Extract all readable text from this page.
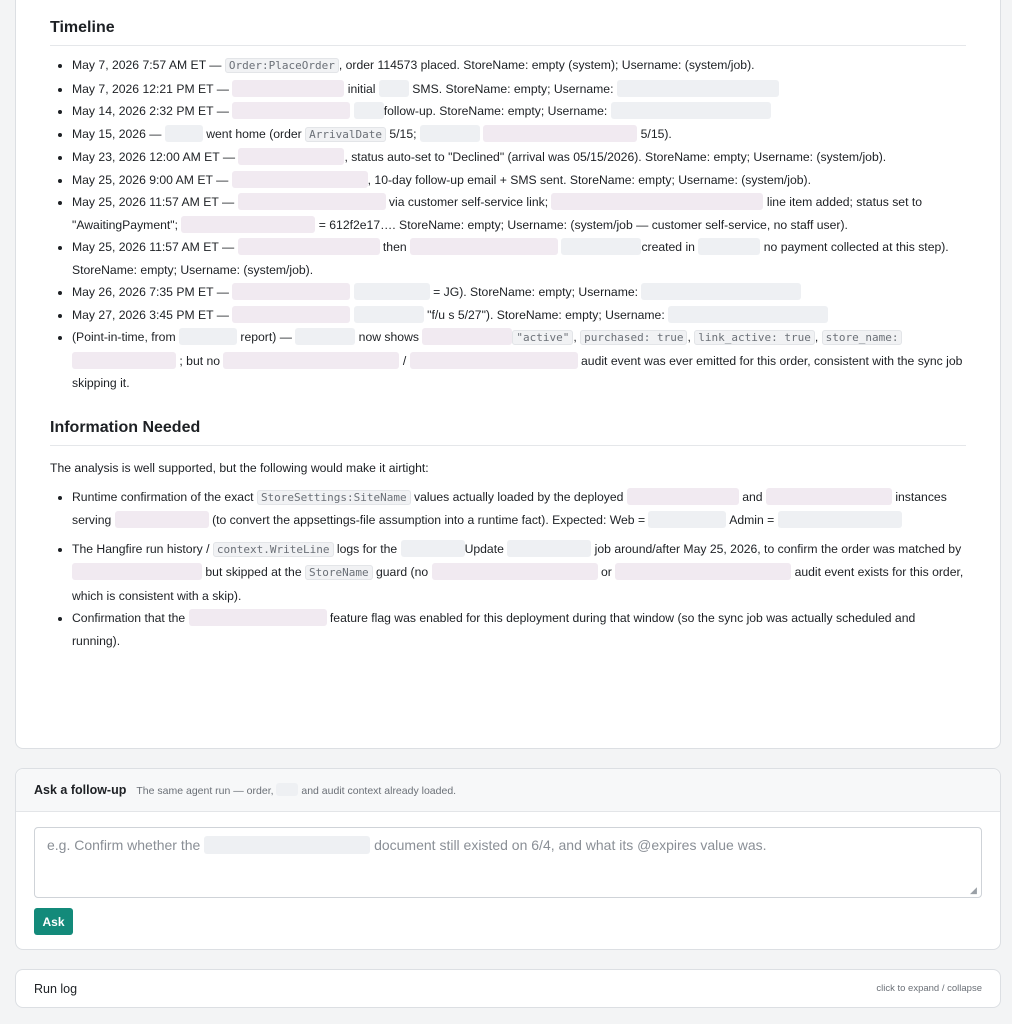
Timeline
• May 7, 2026 7:57 AM ET — Order:PlaceOrder , order 114573 placed. StoreName: empty (system); Username: (system/job).
• May 7, 2026 12:21 PM ET —	initial	SMS. StoreName: empty; Username:
• May 14, 2026 2:32 PM ET —	follow-up. StoreName: empty; Username:
• May 15, 2026 —	went home (order ArrivalDate 5/15;	5/15).
• May 23, 2026 12:00 AM ET —	, status auto-set to "Declined" (arrival was 05/15/2026). StoreName: empty; Username: (system/job).
• May 25, 2026 9:00 AM ET —	, 10-day follow-up email + SMS sent. StoreName: empty; Username: (system/job).
• May 25, 2026 11:57 AM ET —	via customer self-service link;	line item added; status set to "AwaitingPayment";	= 612f2e17…. StoreName: empty; Username: (system/job — customer self-service, no staff user).
• May 25, 2026 11:57 AM ET —	then	created in	no payment collected at this step). StoreName: empty; Username: (system/job).
• May 26, 2026 7:35 PM ET —	= JG). StoreName: empty; Username:
• May 27, 2026 3:45 PM ET —	"f/u s 5/27"). StoreName: empty; Username:
• (Point-in-time, from	report) —	now shows	"active" , purchased: true , link_active: true , store_name:  ; but no	/	audit event was ever emitted for this order, consistent with the sync job skipping it.
Information Needed

The analysis is well supported, but the following would make it airtight:

• Runtime confirmation of the exact StoreSettings:SiteName values actually loaded by the deployed	and	instances serving	(to convert the appsettings-file assumption into a runtime fact). Expected: Web =	Admin =
• The Hangfire run history / context.WriteLine logs for the	Update	job around/after May 25, 2026, to confirm the order was matched by  but skipped at the StoreName guard (no	or	audit event exists for this order, which is consistent with a skip).
• Confirmation that the	feature flag was enabled for this deployment during that window (so the sync job was actually scheduled and running).
Ask a follow-up The same agent run — order,	and audit context already loaded.
e.g. Confirm whether the	document still existed on 6/4, and what its @expires value was.
◢
Ask
Run log	click to expand / collapse
